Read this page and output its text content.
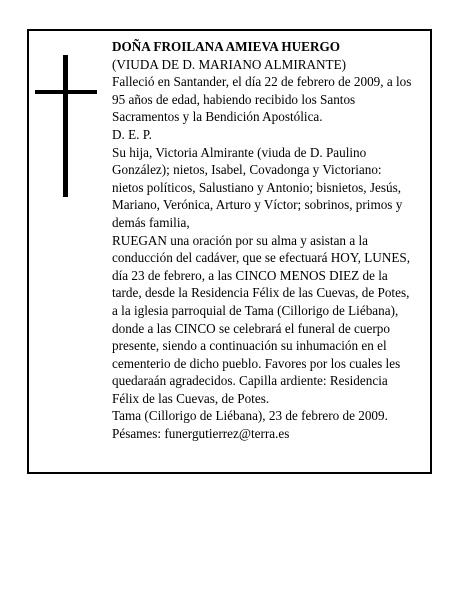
DOÑA FROILANA AMIEVA HUERGO
(VIUDA DE D. MARIANO ALMIRANTE)
Falleció en Santander, el día 22 de febrero de 2009, a los 95 años de edad, habiendo recibido los Santos Sacramentos y la Bendición Apostólica.
D. E. P.
Su hija, Victoria Almirante (viuda de D. Paulino González); nietos, Isabel, Covadonga y Victoriano: nietos políticos, Salustiano y Antonio; bisnietos, Jesús, Mariano, Verónica, Arturo y Víctor; sobrinos, primos y demás familia,
RUEGAN una oración por su alma y asistan a la conducción del cadáver, que se efectuará HOY, LUNES, día 23 de febrero, a las CINCO MENOS DIEZ de la tarde, desde la Residencia Félix de las Cuevas, de Potes, a la iglesia parroquial de Tama (Cillorigo de Liébana), donde a las CINCO se celebrará el funeral de cuerpo presente, siendo a continuación su inhumación en el cementerio de dicho pueblo. Favores por los cuales les quedaraán agradecidos. Capilla ardiente: Residencia Félix de las Cuevas, de Potes.
Tama (Cillorigo de Liébana), 23 de febrero de 2009.
Pésames: funergutierrez@terra.es
